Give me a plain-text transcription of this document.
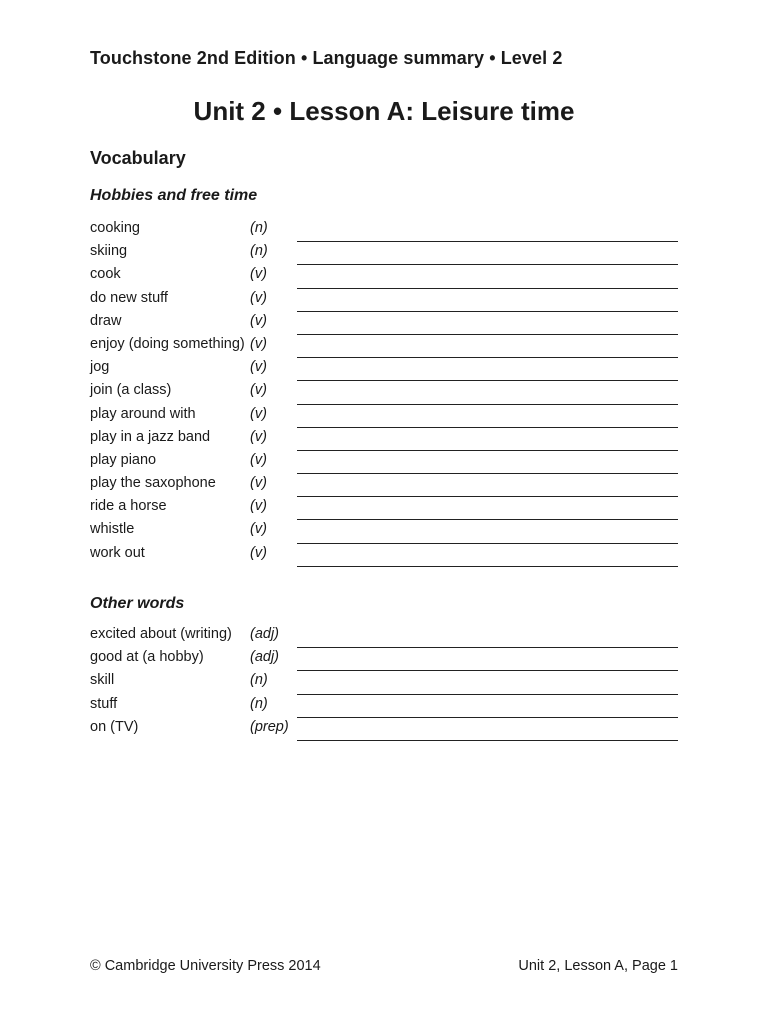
Touchstone 2nd Edition • Language summary • Level 2
Unit 2 • Lesson A: Leisure time
Vocabulary
Hobbies and free time
cooking	(n)
skiing	(n)
cook	(v)
do new stuff	(v)
draw	(v)
enjoy (doing something) (v)
jog	(v)
join (a class)	(v)
play around with	(v)
play in a jazz band	(v)
play piano	(v)
play the saxophone (v)
ride a horse	(v)
whistle	(v)
work out	(v)
Other words
excited about (writing) (adj)
good at (a hobby)	(adj)
skill	(n)
stuff	(n)
on (TV)	(prep)
© Cambridge University Press 2014	Unit 2, Lesson A, Page 1
